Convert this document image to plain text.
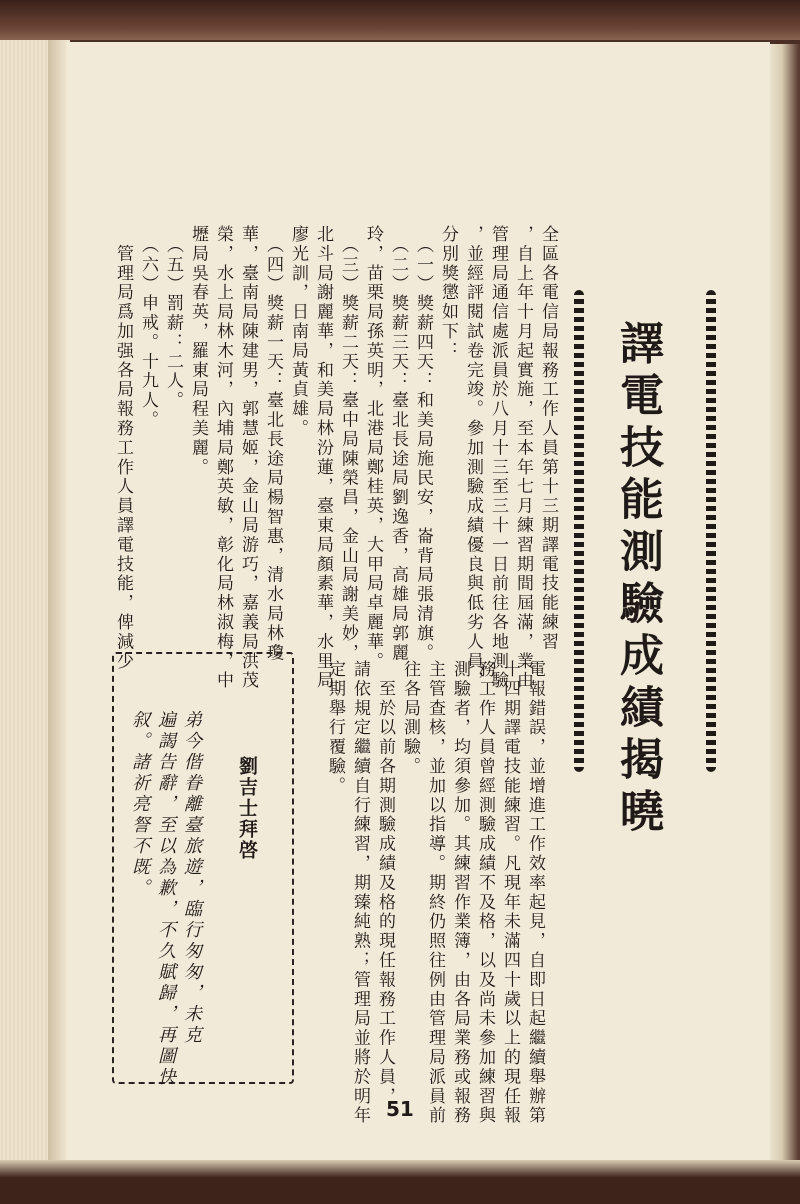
譯電技能測驗成績揭曉
電報錯誤，並增進工作效率起見，自即日起繼續舉辦第
十四期譯電技能練習。凡現年未滿四十歲以上的現任報
務工作人員曾經測驗成績不及格，以及尚未參加練習與
測驗者，均須參加。其練習作業簿，由各局業務或報務
主管查核，並加以指導。期終仍照往例由管理局派員前
往各局測驗。
　至於以前各期測驗成績及格的現任報務工作人員，
請依規定繼續自行練習，期臻純熟；管理局並將於明年
定期舉行覆驗。
全區各電信局報務工作人員第十三期譯電技能練習
，自上年十月起實施，至本年七月練習期間屆滿，業由
管理局通信處派員於八月十三至三十一日前往各地測驗
，並經評閱試卷完竣。參加測驗成績優良與低劣人員，
分別獎懲如下：
　（一）獎薪四天：和美局施民安，崙背局張清旗。
　（二）獎薪三天：臺北長途局劉逸香，高雄局郭麗
玲，苗栗局孫英明，北港局鄭桂英，大甲局卓麗華。
　（三）獎薪二天：臺中局陳榮昌，金山局謝美妙，
北斗局謝麗華，和美局林汾蓮，臺東局顏素華，水里局
廖光訓，日南局黃貞雄。
　（四）獎薪一天：臺北長途局楊智惠，清水局林瓊
華，臺南局陳建男，郭慧姬，金山局游巧，嘉義局洪茂
榮，水上局林木河，內埔局鄭英敏，彰化局林淑梅，中
壢局吳春英，羅東局程美麗。
　（五）罰薪：二人。
　（六）申戒。十九人。
　管理局爲加强各局報務工作人員譯電技能，俾減少
劉吉士拜啓
弟今偕眷離臺旅遊，臨行匆匆，未克
遍謁告辭，至以為歉，不久賦歸，再圖快
叙。諸祈亮詧不既。
51
